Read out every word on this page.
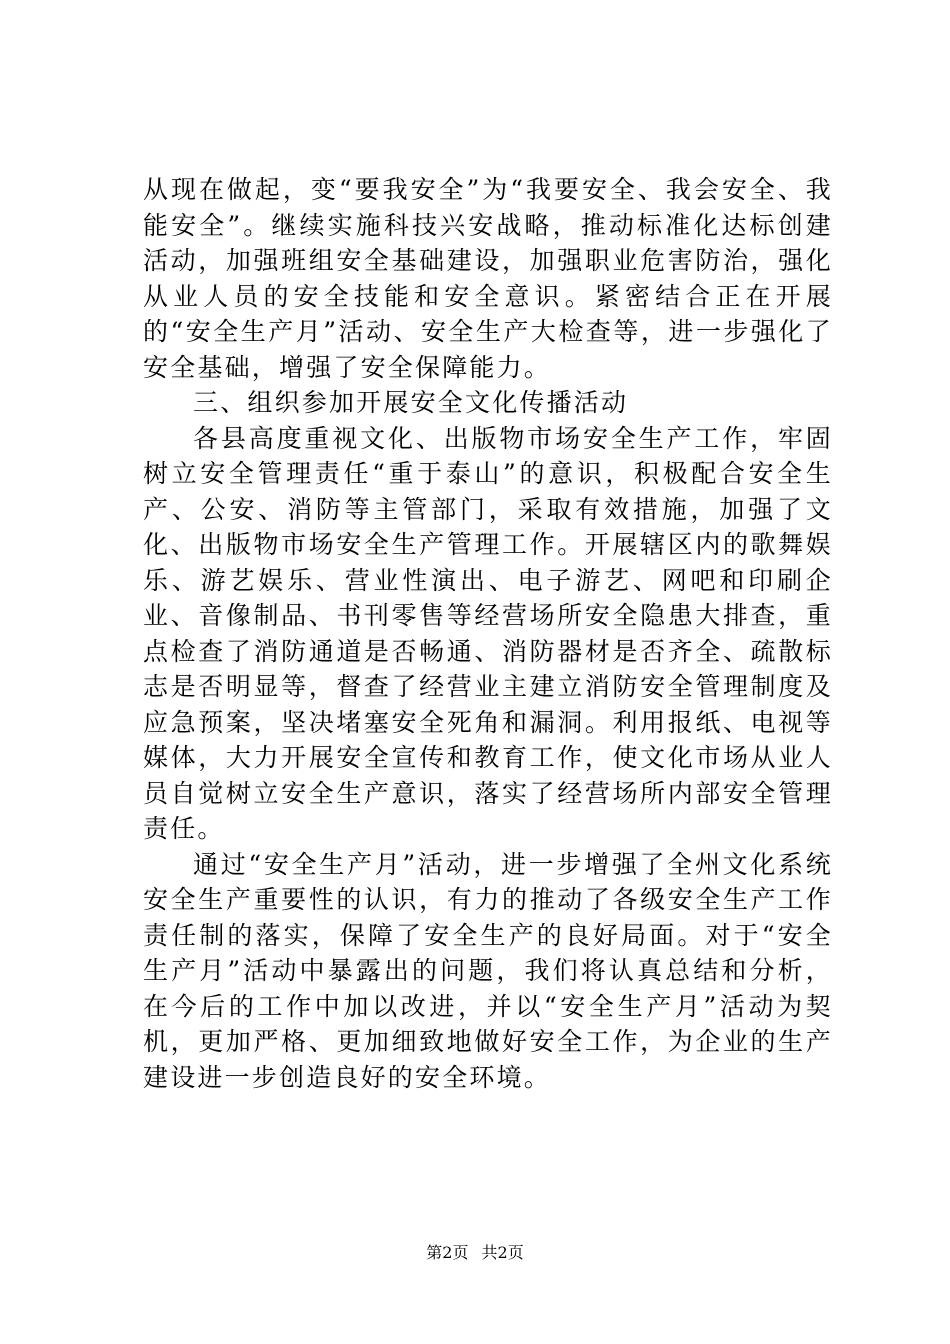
从现在做起，变“要我安全”为“我要安全、我会安全、我能安全”。继续实施科技兴安战略，推动标准化达标创建活动，加强班组安全基础建设，加强职业危害防治，强化从业人员的安全技能和安全意识。紧密结合正在开展的“安全生产月”活动、安全生产大检查等，进一步强化了安全基础，增强了安全保障能力。

三、组织参加开展安全文化传播活动

各县高度重视文化、出版物市场安全生产工作，牢固树立安全管理责任“重于泰山”的意识，积极配合安全生产、公安、消防等主管部门，采取有效措施，加强了文化、出版物市场安全生产管理工作。开展辖区内的歌舞娱乐、游艺娱乐、营业性演出、电子游艺、网吧和印刷企业、音像制品、书刊零售等经营场所安全隐患大排查，重点检查了消防通道是否畅通、消防器材是否齐全、疏散标志是否明显等，督查了经营业主建立消防安全管理制度及应急预案，坚决堵塞安全死角和漏洞。利用报纸、电视等媒体，大力开展安全宣传和教育工作，使文化市场从业人员自觉树立安全生产意识，落实了经营场所内部安全管理责任。

通过“安全生产月”活动，进一步增强了全州文化系统安全生产重要性的认识，有力的推动了各级安全生产工作责任制的落实，保障了安全生产的良好局面。对于“安全生产月”活动中暴露出的问题，我们将认真总结和分析，在今后的工作中加以改进，并以“安全生产月”活动为契机，更加严格、更加细致地做好安全工作，为企业的生产建设进一步创造良好的安全环境。

第2页 共2页
